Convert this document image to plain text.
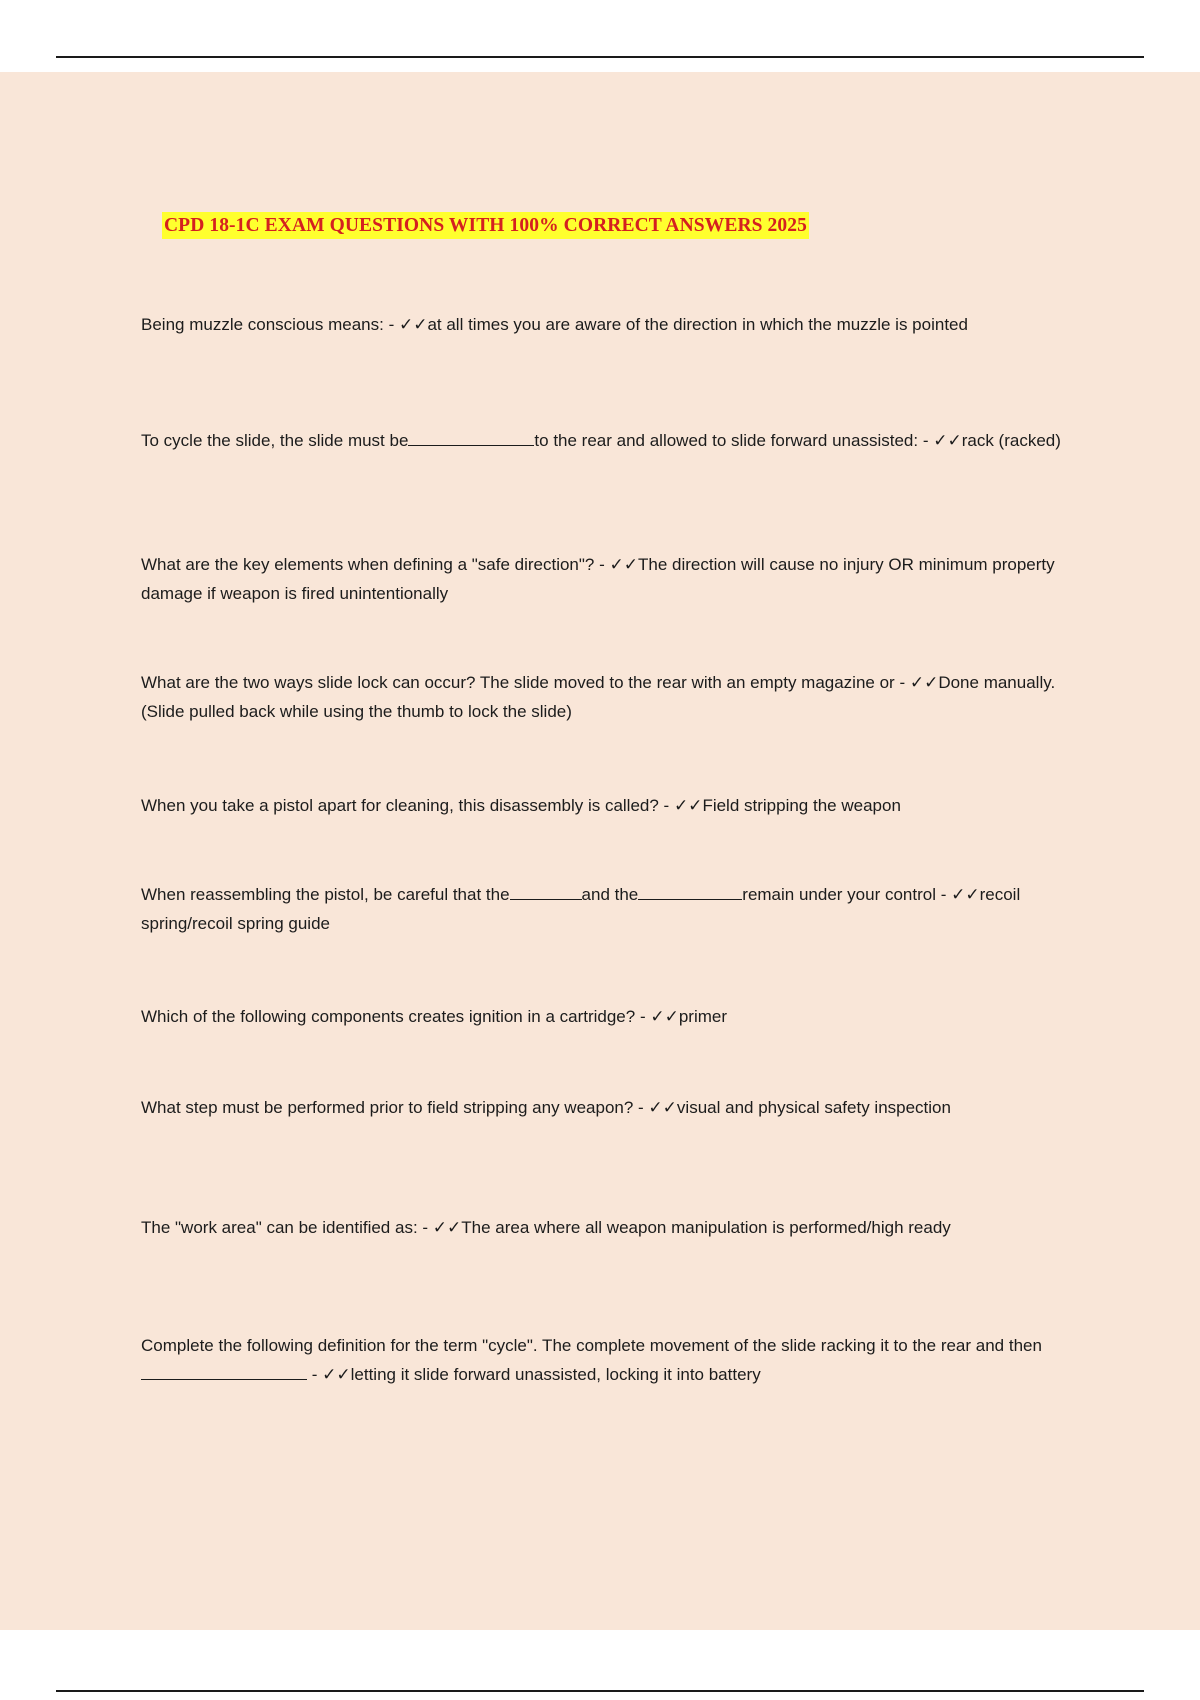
CPD 18-1C EXAM QUESTIONS WITH 100% CORRECT ANSWERS 2025

Being muzzle conscious means: - ✓✓at all times you are aware of the direction in which the muzzle is pointed

To cycle the slide, the slide must be	to the rear and allowed to slide forward unassisted: - ✓✓rack (racked)

What are the key elements when defining a "safe direction"? - ✓✓The direction will cause no injury OR minimum property damage if weapon is fired unintentionally

What are the two ways slide lock can occur? The slide moved to the rear with an empty magazine or - ✓✓Done manually. (Slide pulled back while using the thumb to lock the slide)

When you take a pistol apart for cleaning, this disassembly is called? - ✓✓Field stripping the weapon

When reassembling the pistol, be careful that the	and the	remain under your control - ✓✓recoil spring/recoil spring guide

Which of the following components creates ignition in a cartridge? - ✓✓primer

What step must be performed prior to field stripping any weapon? - ✓✓visual and physical safety inspection

The "work area" can be identified as: - ✓✓The area where all weapon manipulation is performed/high ready

Complete the following definition for the term "cycle". The complete movement of the slide racking it to the rear and then - ✓✓letting it slide forward unassisted, locking it into battery
